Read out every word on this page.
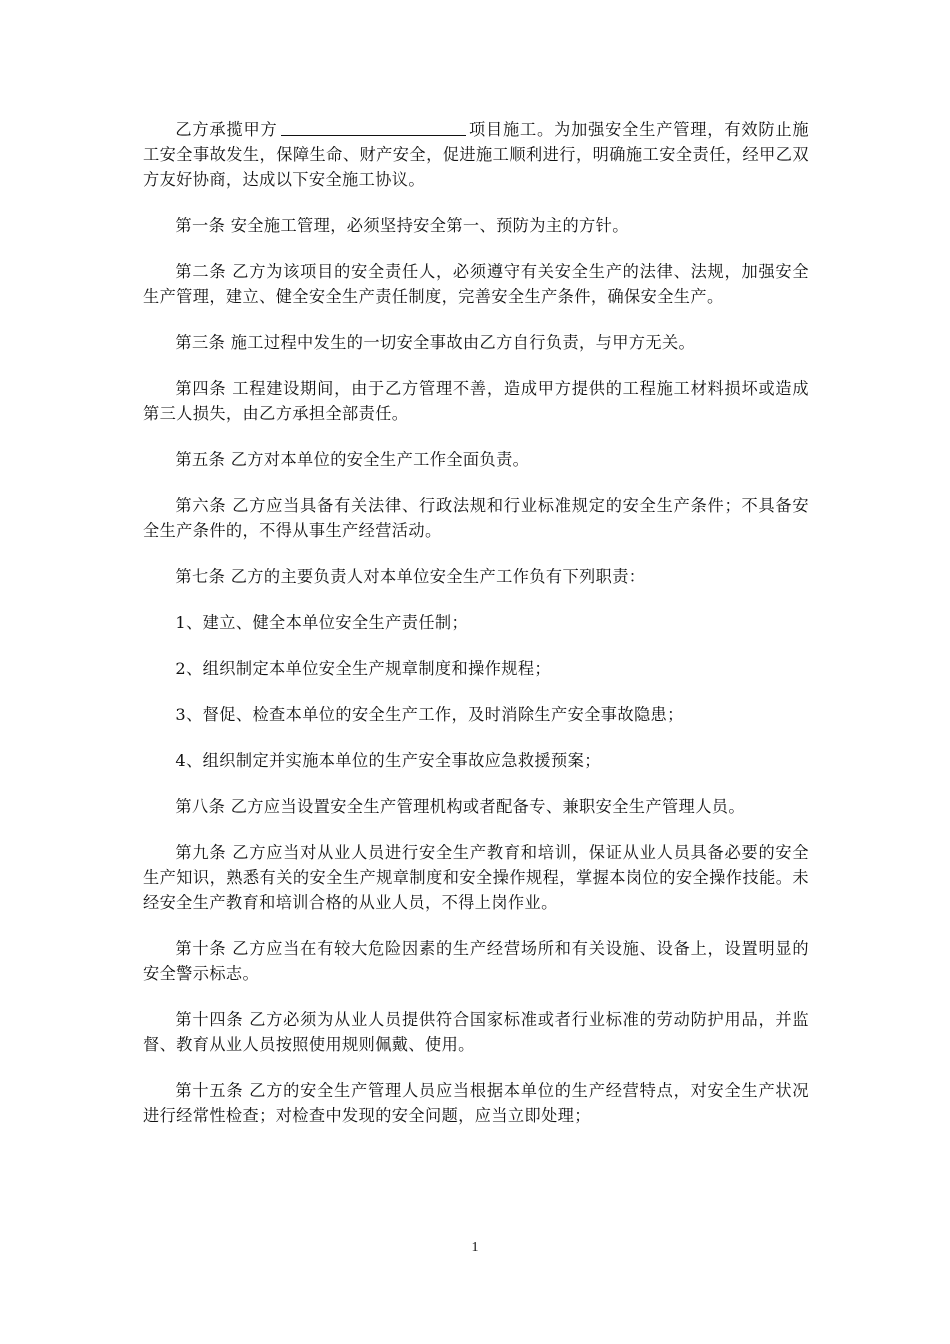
乙方承揽甲方	项目施工。为加强安全生产管理，有效防止施工安全事故发生，保障生命、财产安全，促进施工顺利进行，明确施工安全责任，经甲乙双方友好协商，达成以下安全施工协议。

第一条 安全施工管理，必须坚持安全第一、预防为主的方针。

第二条 乙方为该项目的安全责任人，必须遵守有关安全生产的法律、法规，加强安全生产管理，建立、健全安全生产责任制度，完善安全生产条件，确保安全生产。

第三条 施工过程中发生的一切安全事故由乙方自行负责，与甲方无关。

第四条 工程建设期间，由于乙方管理不善，造成甲方提供的工程施工材料损坏或造成第三人损失，由乙方承担全部责任。

第五条 乙方对本单位的安全生产工作全面负责。

第六条 乙方应当具备有关法律、行政法规和行业标准规定的安全生产条件；不具备安全生产条件的，不得从事生产经营活动。

第七条 乙方的主要负责人对本单位安全生产工作负有下列职责：

1、建立、健全本单位安全生产责任制；

2、组织制定本单位安全生产规章制度和操作规程；

3、督促、检查本单位的安全生产工作，及时消除生产安全事故隐患；

4、组织制定并实施本单位的生产安全事故应急救援预案；

第八条 乙方应当设置安全生产管理机构或者配备专、兼职安全生产管理人员。

第九条 乙方应当对从业人员进行安全生产教育和培训，保证从业人员具备必要的安全生产知识，熟悉有关的安全生产规章制度和安全操作规程，掌握本岗位的安全操作技能。未经安全生产教育和培训合格的从业人员，不得上岗作业。

第十条 乙方应当在有较大危险因素的生产经营场所和有关设施、设备上，设置明显的安全警示标志。

第十四条 乙方必须为从业人员提供符合国家标准或者行业标准的劳动防护用品，并监督、教育从业人员按照使用规则佩戴、使用。

第十五条 乙方的安全生产管理人员应当根据本单位的生产经营特点，对安全生产状况进行经常性检查；对检查中发现的安全问题，应当立即处理；

1
